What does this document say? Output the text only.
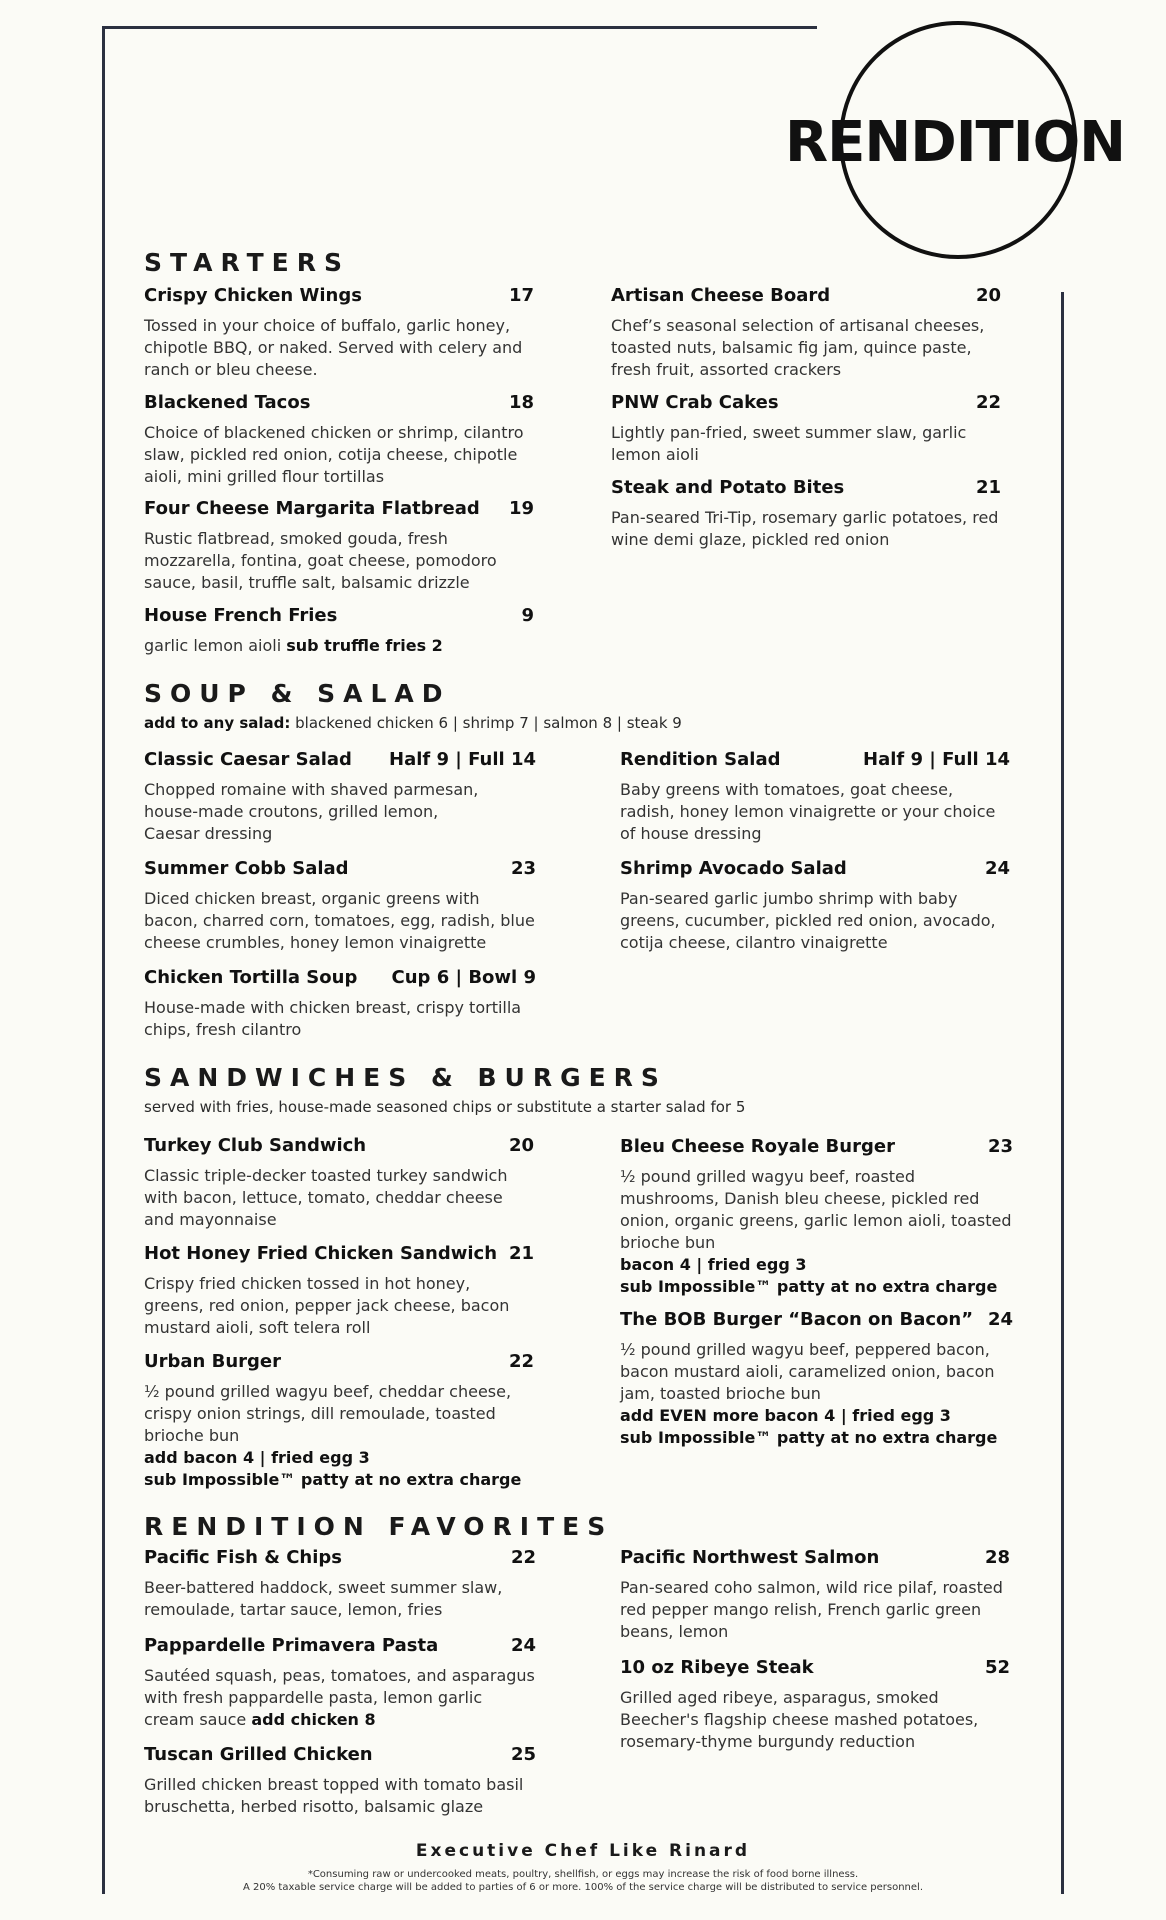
RENDITION
STARTERS
Crispy Chicken Wings	17
Tossed in your choice of buffalo, garlic honey, chipotle BBQ, or naked. Served with celery and ranch or bleu cheese.
Blackened Tacos	18
Choice of blackened chicken or shrimp, cilantro slaw, pickled red onion, cotija cheese, chipotle aioli, mini grilled flour tortillas
Four Cheese Margarita Flatbread 19
Rustic flatbread, smoked gouda, fresh mozzarella, fontina, goat cheese, pomodoro sauce, basil, truffle salt, balsamic drizzle
House French Fries	9
garlic lemon aioli sub truffle fries 2
Artisan Cheese Board	20
Chef’s seasonal selection of artisanal cheeses, toasted nuts, balsamic fig jam, quince paste, fresh fruit, assorted crackers
PNW Crab Cakes	22
Lightly pan-fried, sweet summer slaw, garlic lemon aioli
Steak and Potato Bites	21
Pan-seared Tri-Tip, rosemary garlic potatoes, red wine demi glaze, pickled red onion
SOUP & SALAD
add to any salad: blackened chicken 6 | shrimp 7 | salmon 8 | steak 9
Classic Caesar Salad Half 9 | Full 14
Chopped romaine with shaved parmesan, house-made croutons, grilled lemon, Caesar dressing
Summer Cobb Salad	23
Diced chicken breast, organic greens with bacon, charred corn, tomatoes, egg, radish, blue cheese crumbles, honey lemon vinaigrette
Chicken Tortilla Soup Cup 6 | Bowl 9
House-made with chicken breast, crispy tortilla chips, fresh cilantro
Rendition Salad	Half 9 | Full 14
Baby greens with tomatoes, goat cheese, radish, honey lemon vinaigrette or your choice of house dressing
Shrimp Avocado Salad	24
Pan-seared garlic jumbo shrimp with baby greens, cucumber, pickled red onion, avocado, cotija cheese, cilantro vinaigrette
SANDWICHES & BURGERS
served with fries, house-made seasoned chips or substitute a starter salad for 5
Turkey Club Sandwich	20
Classic triple-decker toasted turkey sandwich with bacon, lettuce, tomato, cheddar cheese and mayonnaise
Hot Honey Fried Chicken Sandwich 21
Crispy fried chicken tossed in hot honey, greens, red onion, pepper jack cheese, bacon mustard aioli, soft telera roll
Urban Burger	22
½ pound grilled wagyu beef, cheddar cheese, crispy onion strings, dill remoulade, toasted brioche bun
add bacon 4 | fried egg 3
sub Impossible™ patty at no extra charge
Bleu Cheese Royale Burger	23
½ pound grilled wagyu beef, roasted mushrooms, Danish bleu cheese, pickled red onion, organic greens, garlic lemon aioli, toasted brioche bun
bacon 4 | fried egg 3
sub Impossible™ patty at no extra charge
The BOB Burger “Bacon on Bacon” 24
½ pound grilled wagyu beef, peppered bacon, bacon mustard aioli, caramelized onion, bacon jam, toasted brioche bun
add EVEN more bacon 4 | fried egg 3
sub Impossible™ patty at no extra charge
RENDITION FAVORITES
Pacific Fish & Chips	22
Beer-battered haddock, sweet summer slaw, remoulade, tartar sauce, lemon, fries
Pappardelle Primavera Pasta	24
Sautéed squash, peas, tomatoes, and asparagus with fresh pappardelle pasta, lemon garlic cream sauce add chicken 8
Tuscan Grilled Chicken	25
Grilled chicken breast topped with tomato basil bruschetta, herbed risotto, balsamic glaze
Pacific Northwest Salmon	28
Pan-seared coho salmon, wild rice pilaf, roasted red pepper mango relish, French garlic green beans, lemon
10 oz Ribeye Steak	52
Grilled aged ribeye, asparagus, smoked Beecher's flagship cheese mashed potatoes, rosemary-thyme burgundy reduction
Executive Chef Like Rinard
*Consuming raw or undercooked meats, poultry, shellfish, or eggs may increase the risk of food borne illness.
A 20% taxable service charge will be added to parties of 6 or more. 100% of the service charge will be distributed to service personnel.
